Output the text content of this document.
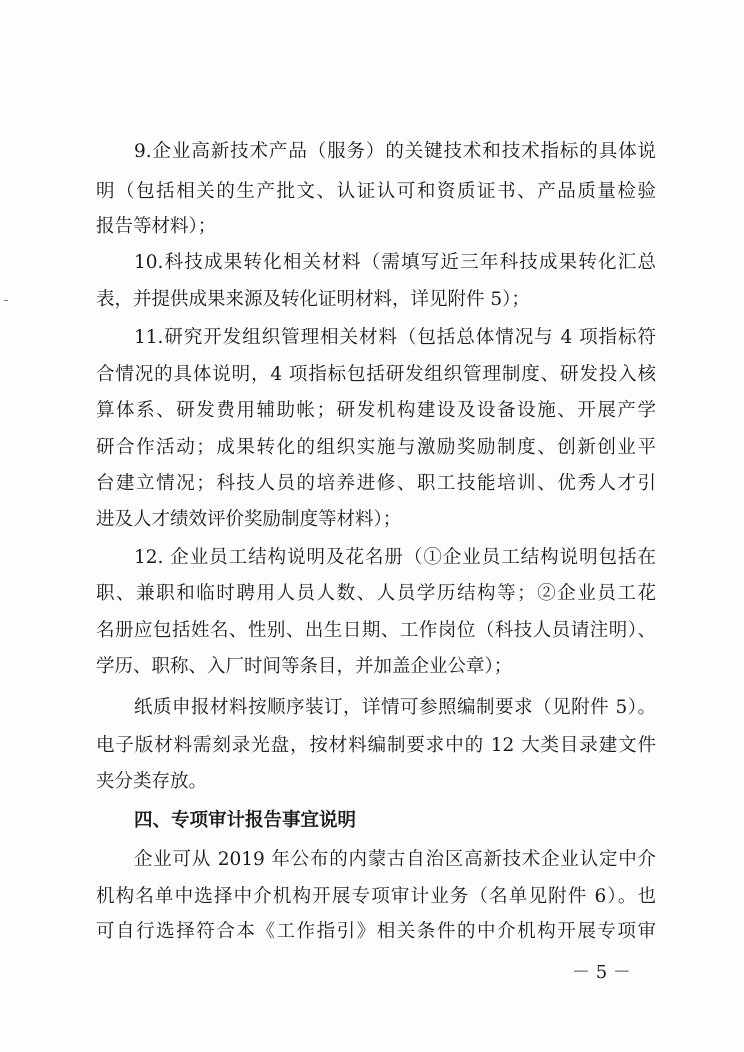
9.企业高新技术产品（服务）的关键技术和技术指标的具体说
明（包括相关的生产批文、认证认可和资质证书、产品质量检验
报告等材料）；
10.科技成果转化相关材料（需填写近三年科技成果转化汇总
表，并提供成果来源及转化证明材料，详见附件 5）；
11.研究开发组织管理相关材料（包括总体情况与 4 项指标符
合情况的具体说明，4 项指标包括研发组织管理制度、研发投入核
算体系、研发费用辅助帐；研发机构建设及设备设施、开展产学
研合作活动；成果转化的组织实施与激励奖励制度、创新创业平
台建立情况；科技人员的培养进修、职工技能培训、优秀人才引
进及人才绩效评价奖励制度等材料）；
12. 企业员工结构说明及花名册（①企业员工结构说明包括在
职、兼职和临时聘用人员人数、人员学历结构等；②企业员工花
名册应包括姓名、性别、出生日期、工作岗位（科技人员请注明）、
学历、职称、入厂时间等条目，并加盖企业公章）；
纸质申报材料按顺序装订，详情可参照编制要求（见附件 5）。
电子版材料需刻录光盘，按材料编制要求中的 12 大类目录建文件
夹分类存放。
四、专项审计报告事宜说明
企业可从 2019 年公布的内蒙古自治区高新技术企业认定中介
机构名单中选择中介机构开展专项审计业务（名单见附件 6）。也
可自行选择符合本《工作指引》相关条件的中介机构开展专项审
－ 5 －
